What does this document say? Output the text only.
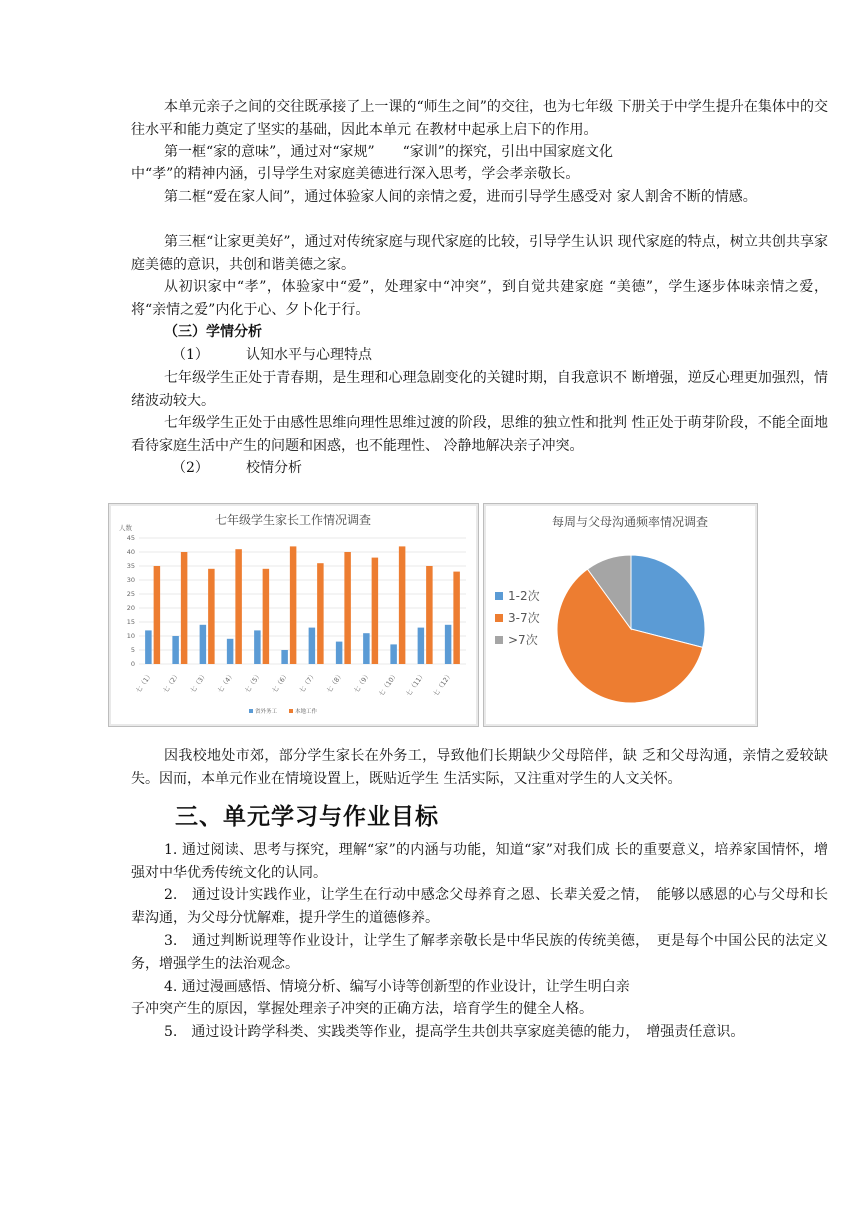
本单元亲子之间的交往既承接了上一课的“师生之间”的交往，也为七年级 下册关于中学生提升在集体中的交往水平和能力奠定了坚实的基础，因此本单元 在教材中起承上启下的作用。

第一框“家的意味”，通过对“家规”　　“家训”的探究，引出中国家庭文化

中“孝”的精神内涵，引导学生对家庭美德进行深入思考，学会孝亲敬长。

第二框“爱在家人间”，通过体验家人间的亲情之爱，进而引导学生感受对 家人割舍不断的情感。

第三框“让家更美好”，通过对传统家庭与现代家庭的比较，引导学生认识 现代家庭的特点，树立共创共享家庭美德的意识，共创和谐美德之家。

从初识家中“孝”，体验家中“爱”，处理家中“冲突”，到自觉共建家庭 “美德”，学生逐步体味亲情之爱，将“亲情之爱”内化于心、夕卜化于行。

（三）学情分析

（1）	认知水平与心理特点

七年级学生正处于青春期，是生理和心理急剧变化的关键时期，自我意识不 断增强，逆反心理更加强烈，情绪波动较大。

七年级学生正处于由感性思维向理性思维过渡的阶段，思维的独立性和批判 性正处于萌芽阶段，不能全面地看待家庭生活中产生的问题和困惑，也不能理性、 冷静地解决亲子冲突。

（2）	校情分析

七年级学生家长工作情况调查
人数
0
5
10
15
20
25
30
35
40
45
七（1） 七（2） 七（3） 七（4） 七（5） 七（6） 七（7） 七（8） 七（9） 七（10） 七（11） 七（12）
省外务工	本地工作
每周与父母沟通频率情况调查
1-2次
3-7次
>7次

因我校地处市郊，部分学生家长在外务工，导致他们长期缺少父母陪伴，缺 乏和父母沟通，亲情之爱较缺失。因而，本单元作业在情境设置上，既贴近学生 生活实际，又注重对学生的人文关怀。

三、单元学习与作业目标

1. 通过阅读、思考与探究，理解“家”的内涵与功能，知道“家”对我们成 长的重要意义，培养家国情怀，增强对中华优秀传统文化的认同。

2.　通过设计实践作业，让学生在行动中感念父母养育之恩、长辈关爱之情，　能够以感恩的心与父母和长辈沟通，为父母分忧解难，提升学生的道德修养。

3.　通过判断说理等作业设计，让学生了解孝亲敬长是中华民族的传统美德，　更是每个中国公民的法定义务，增强学生的法治观念。

4. 通过漫画感悟、情境分析、编写小诗等创新型的作业设计，让学生明白亲

子冲突产生的原因，掌握处理亲子冲突的正确方法，培育学生的健全人格。

5.　通过设计跨学科类、实践类等作业，提高学生共创共享家庭美德的能力，　增强责任意识。
